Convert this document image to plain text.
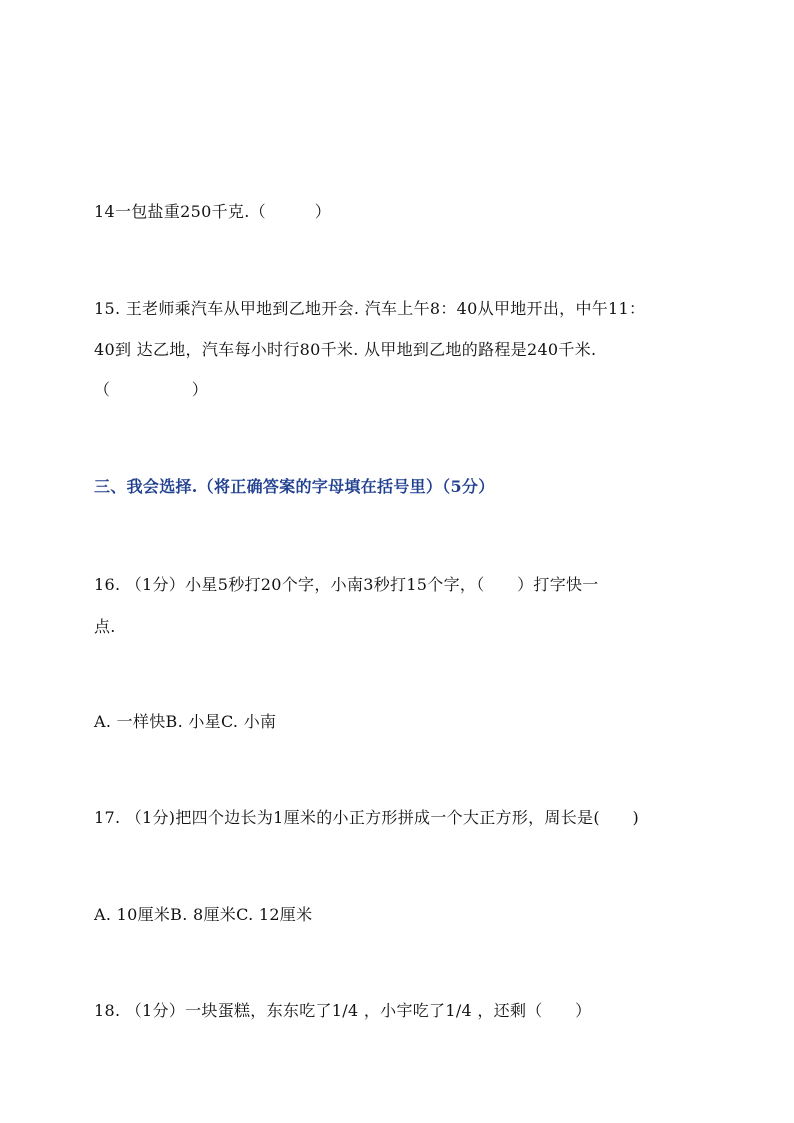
14一包盐重250千克.（　　　）
15. 王老师乘汽车从甲地到乙地开会. 汽车上午8：40从甲地开出，中午11：
40到 达乙地，汽车每小时行80千米. 从甲地到乙地的路程是240千米.
（　　　　　）
三、我会选择.（将正确答案的字母填在括号里）（5分）
16. （1分）小星5秒打20个字，小南3秒打15个字，（　　）打字快一
点.
A. 一样快B. 小星C. 小南
17. （1分)把四个边长为1厘米的小正方形拼成一个大正方形，周长是(　　)
A. 10厘米B. 8厘米C. 12厘米
18. （1分）一块蛋糕，东东吃了1/4 ，小宇吃了1/4 ，还剩（　　）
